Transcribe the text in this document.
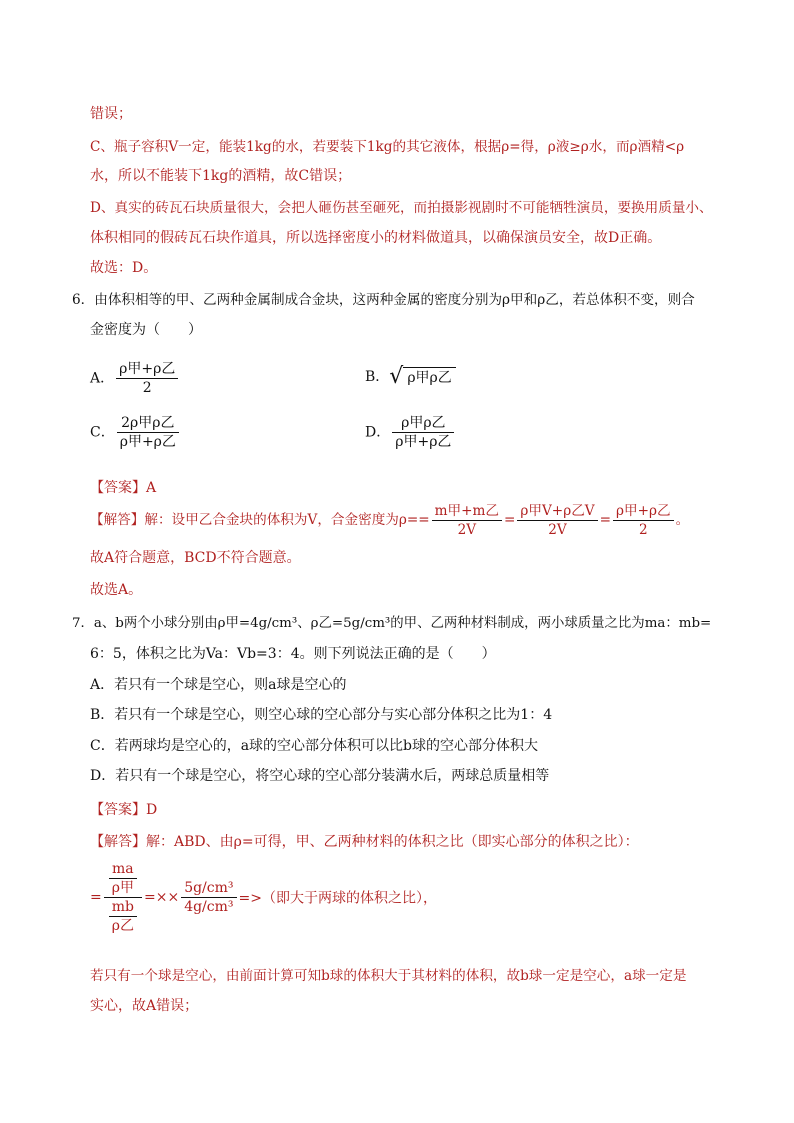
错误；
C、瓶子容积V一定，能装1kg的水，若要装下1kg的其它液体，根据ρ=得，ρ液≥ρ水，而ρ酒精<ρ
水，所以不能装下1kg的酒精，故C错误；
D、真实的砖瓦石块质量很大，会把人砸伤甚至砸死，而拍摄影视剧时不可能牺牲演员，要换用质量小、
体积相同的假砖瓦石块作道具，所以选择密度小的材料做道具，以确保演员安全，故D正确。
故选：D。
6．由体积相等的甲、乙两种金属制成合金块，这两种金属的密度分别为ρ甲和ρ乙，若总体积不变，则合
金密度为（　　）
A． $\frac{\text{ρ甲+ρ乙}}{2}$	B．√ ρ甲ρ乙
C． $\frac{\text{2ρ甲ρ乙}}{\text{ρ甲+ρ乙}}$	D． $\frac{\text{ρ甲ρ乙}}{\text{ρ甲+ρ乙}}$
【答案】A
【解答】解：设甲乙合金块的体积为V，合金密度为$\rho== \frac{\text{m甲+m乙}}{2V} = \frac{\text{ρ甲V+ρ乙V}}{2V} = \frac{\text{ρ甲+ρ乙}}{2}$ 。
故A符合题意，BCD不符合题意。
故选A。
7．a、b两个小球分别由ρ甲=4g/cm³、ρ乙=5g/cm³的甲、乙两种材料制成，两小球质量之比为ma：mb=
6：5，体积之比为Va：Vb=3：4。则下列说法正确的是（　　）
A．若只有一个球是空心，则a球是空心的
B．若只有一个球是空心，则空心球的空心部分与实心部分体积之比为1：4
C．若两球均是空心的，a球的空心部分体积可以比b球的空心部分体积大
D．若只有一个球是空心，将空心球的空心部分装满水后，两球总质量相等
【答案】D
【解答】解：ABD、由ρ=可得，甲、乙两种材料的体积之比（即实心部分的体积之比）：
= $\frac{\frac{ma}{\text{ρ甲}}}{\frac{mb}{\text{ρ乙}}}$ =×× $\frac{\text{5g/cm³}}{\text{4g/cm³}}$ =>（即大于两球的体积之比），
若只有一个球是空心，由前面计算可知b球的体积大于其材料的体积，故b球一定是空心，a球一定是
实心，故A错误；
